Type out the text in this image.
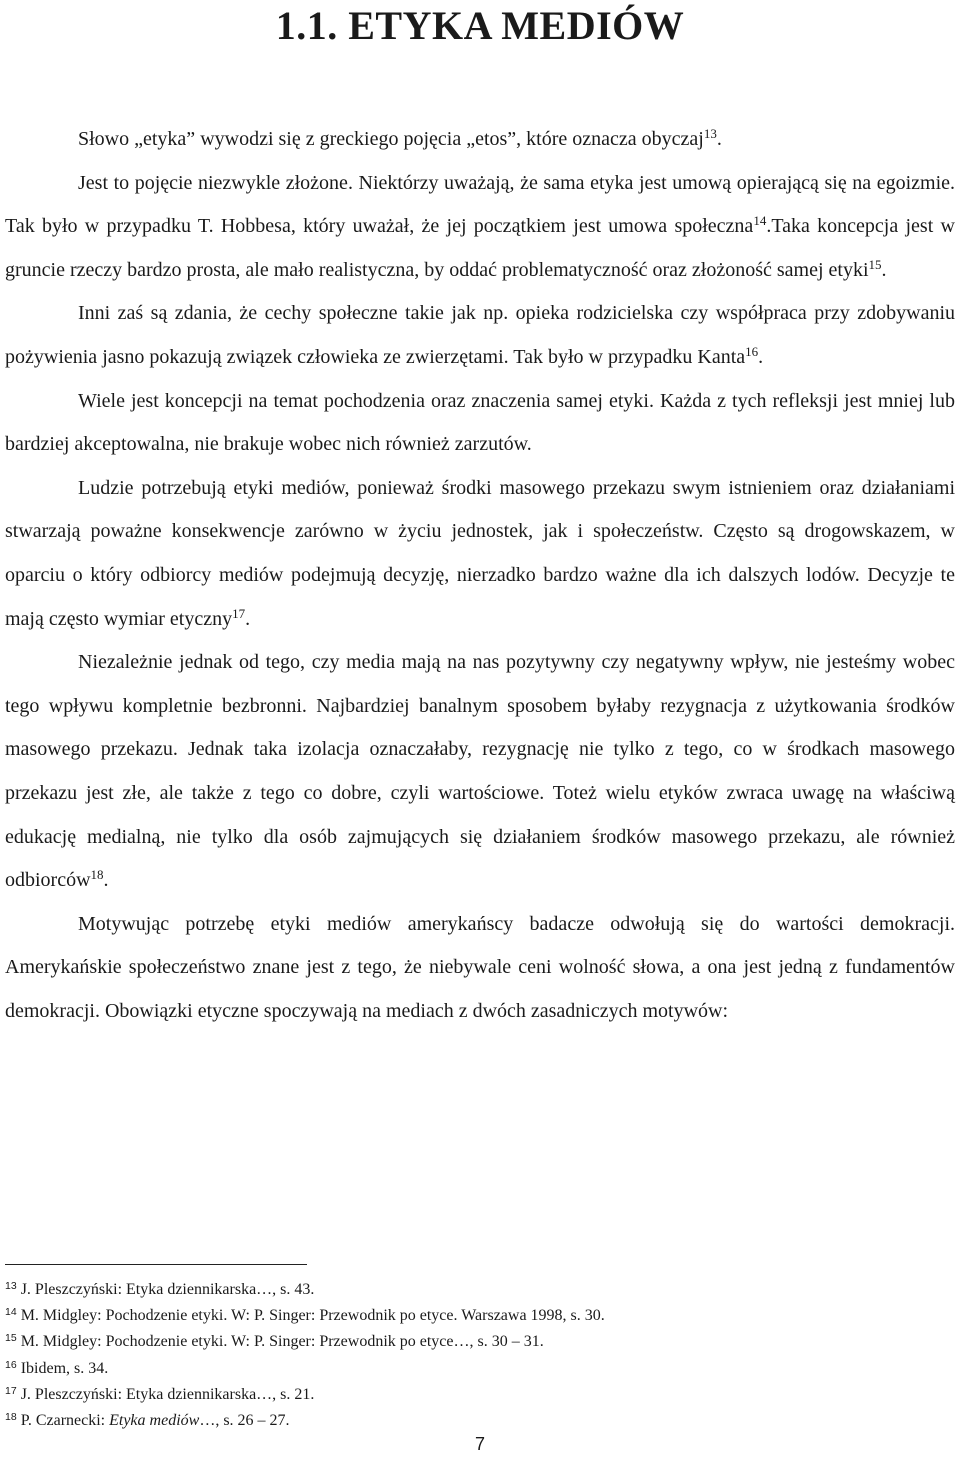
1.1. ETYKA MEDIÓW

Słowo „etyka” wywodzi się z greckiego pojęcia „etos”, które oznacza obyczaj$^{13}$.

Jest to pojęcie niezwykle złożone. Niektórzy uważają, że sama etyka jest umową opierającą się na egoizmie. Tak było w przypadku T. Hobbesa, który uważał, że jej początkiem jest umowa społeczna$^{14}$.Taka koncepcja jest w gruncie rzeczy bardzo prosta, ale mało realistyczna, by oddać problematyczność oraz złożoność samej etyki$^{15}$.

Inni zaś są zdania, że cechy społeczne takie jak np. opieka rodzicielska czy współpraca przy zdobywaniu pożywienia jasno pokazują związek człowieka ze zwierzętami. Tak było w przypadku Kanta$^{16}$.

Wiele jest koncepcji na temat pochodzenia oraz znaczenia samej etyki. Każda z tych refleksji jest mniej lub bardziej akceptowalna, nie brakuje wobec nich również zarzutów.

Ludzie potrzebują etyki mediów, ponieważ środki masowego przekazu swym istnieniem oraz działaniami stwarzają poważne konsekwencje zarówno w życiu jednostek, jak i społeczeństw. Często są drogowskazem, w oparciu o który odbiorcy mediów podejmują decyzję, nierzadko bardzo ważne dla ich dalszych lodów. Decyzje te mają często wymiar etyczny$^{17}$.

Niezależnie jednak od tego, czy media mają na nas pozytywny czy negatywny wpływ, nie jesteśmy wobec tego wpływu kompletnie bezbronni. Najbardziej banalnym sposobem byłaby rezygnacja z użytkowania środków masowego przekazu. Jednak taka izolacja oznaczałaby, rezygnację nie tylko z tego, co w środkach masowego przekazu jest złe, ale także z tego co dobre, czyli wartościowe. Toteż wielu etyków zwraca uwagę na właściwą edukację medialną, nie tylko dla osób zajmujących się działaniem środków masowego przekazu, ale również odbiorców$^{18}$.

Motywując potrzebę etyki mediów amerykańscy badacze odwołują się do wartości demokracji. Amerykańskie społeczeństwo znane jest z tego, że niebywale ceni wolność słowa, a ona jest jedną z fundamentów demokracji. Obowiązki etyczne spoczywają na mediach z dwóch zasadniczych motywów:

$^{13}$ J. Pleszczyński: Etyka dziennikarska…, s. 43.
$^{14}$ M. Midgley: Pochodzenie etyki. W: P. Singer: Przewodnik po etyce. Warszawa 1998, s. 30.
$^{15}$ M. Midgley: Pochodzenie etyki. W: P. Singer: Przewodnik po etyce…, s. 30 – 31.
$^{16}$ Ibidem, s. 34.
$^{17}$ J. Pleszczyński: Etyka dziennikarska…, s. 21.
$^{18}$ P. Czarnecki: Etyka mediów…, s. 26 – 27.
7
